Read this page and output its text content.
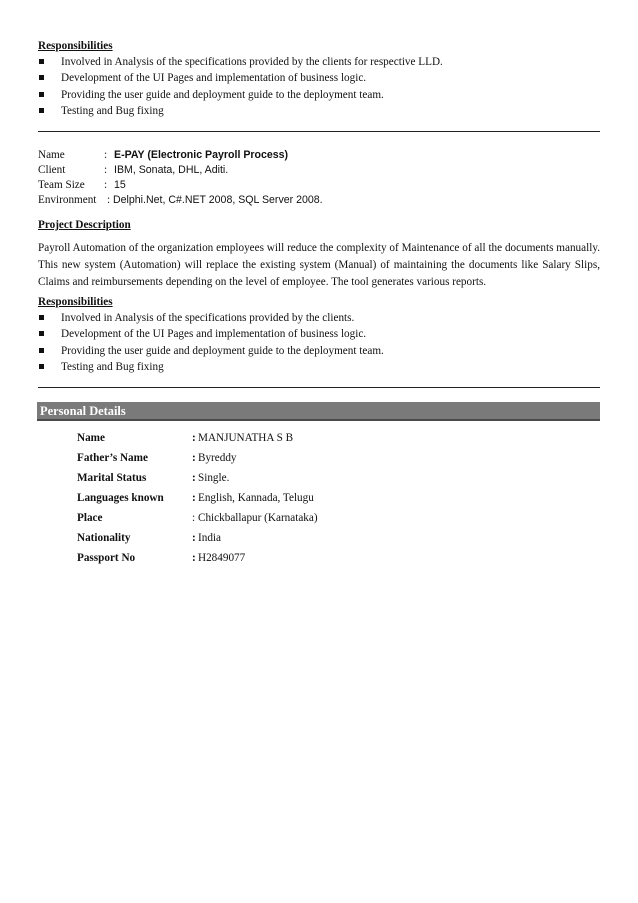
Responsibilities
Involved in Analysis of the specifications provided by the clients for respective LLD.
Development of the UI Pages and implementation of business logic.
Providing the user guide and deployment guide to the deployment team.
Testing and Bug fixing
Name	: E-PAY (Electronic Payroll Process)
Client	: IBM, Sonata, DHL, Aditi.
Team Size : 15
Environment : Delphi.Net, C#.NET 2008, SQL Server 2008.
Project Description
Payroll Automation of the organization employees will reduce the complexity of Maintenance of all the documents manually. This new system (Automation) will replace the existing system (Manual) of maintaining the documents like Salary Slips, Claims and reimbursements depending on the level of employee. The tool generates various reports.
Responsibilities
Involved in Analysis of the specifications provided by the clients.
Development of the UI Pages and implementation of business logic.
Providing the user guide and deployment guide to the deployment team.
Testing and Bug fixing
Personal Details
Name	: MANJUNATHA S B
Father’s Name	: Byreddy
Marital Status	: Single.
Languages known	: English, Kannada, Telugu
Place	: Chickballapur (Karnataka)
Nationality	: India
Passport No	: H2849077
